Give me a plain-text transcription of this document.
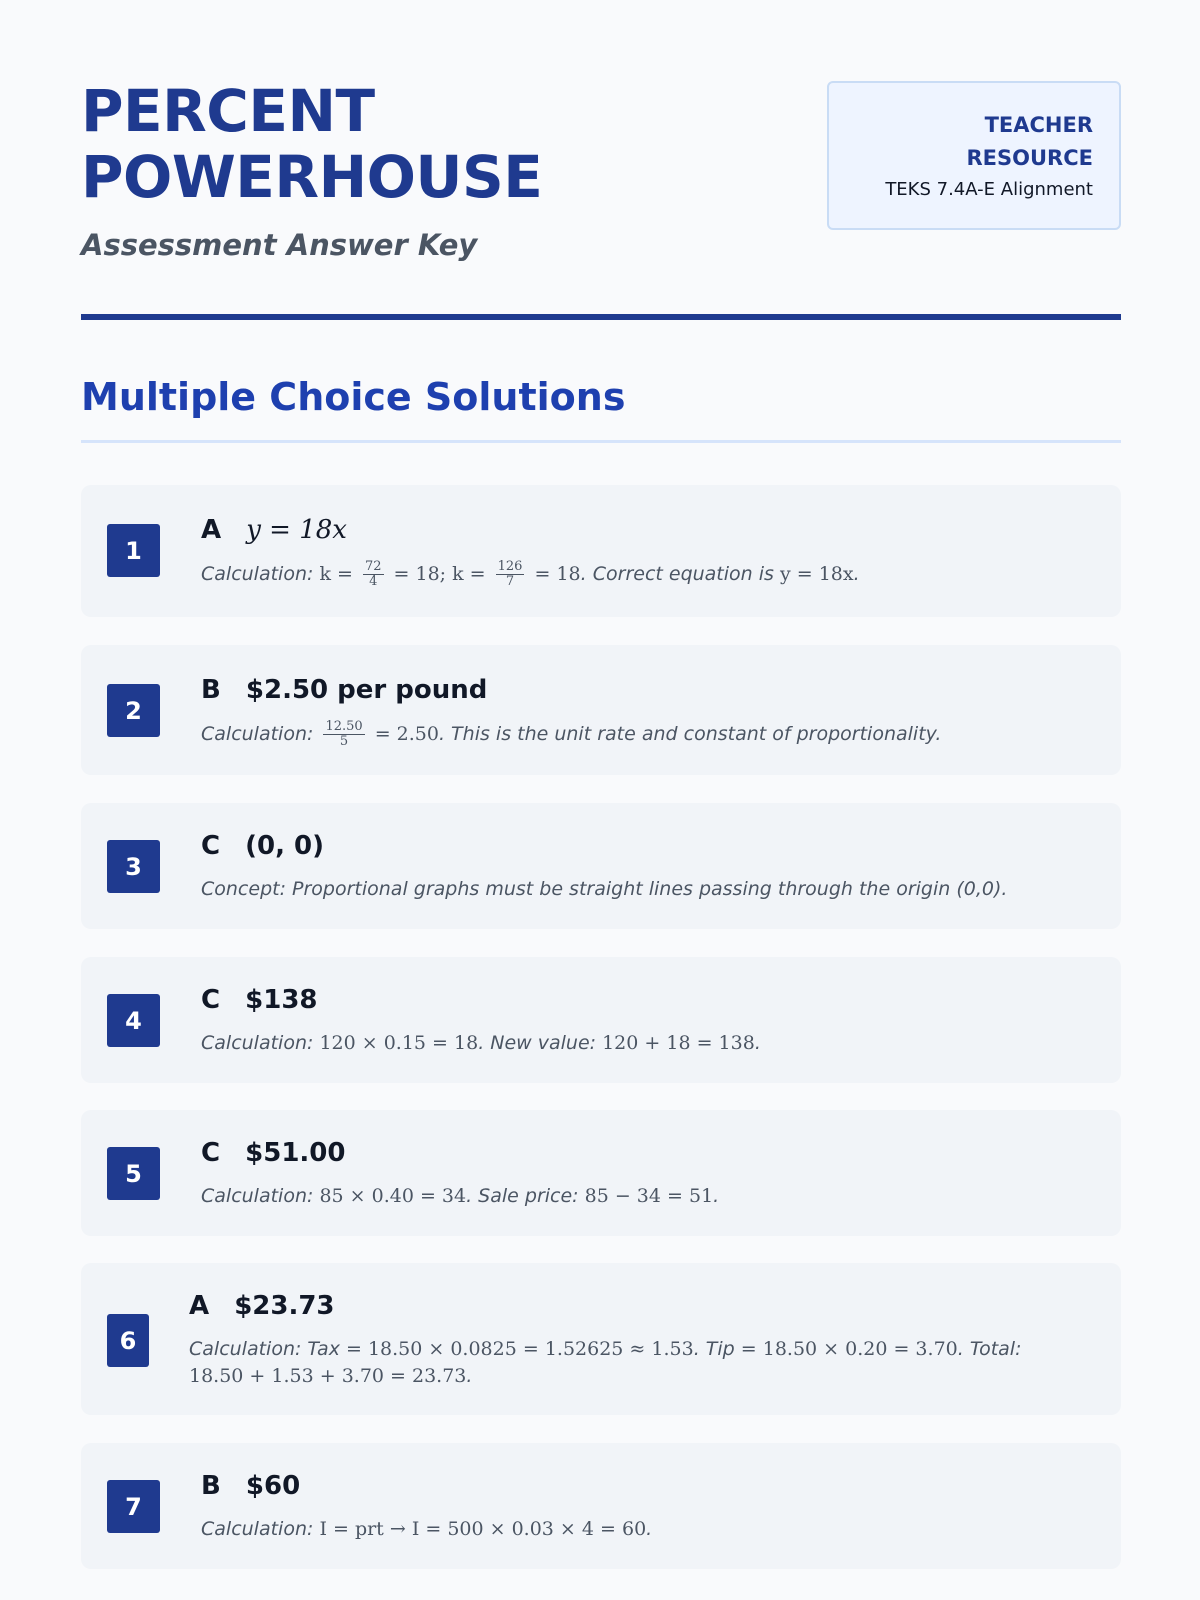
PERCENT
POWERHOUSE
Assessment Answer Key
TEACHER
RESOURCE
TEKS 7.4A-E Alignment
Multiple Choice Solutions
1
A y = 18x
Calculation: $k = \frac{72}{4} = 18$; $k = \frac{126}{7} = 18$. Correct equation is y = 18x.
2
B $2.50 per pound
Calculation: $\frac{12.50}{5} = 2.50$. This is the unit rate and constant of proportionality.
3
C (0, 0)
Concept: Proportional graphs must be straight lines passing through the origin (0,0).
4
C $138
Calculation: 120 × 0.15 = 18. New value: 120 + 18 = 138.
5
C $51.00
Calculation: 85 × 0.40 = 34. Sale price: 85 − 34 = 51.
6
A $23.73
Calculation: Tax = 18.50 × 0.0825 = 1.52625 ≈ 1.53. Tip = 18.50 × 0.20 = 3.70. Total: 18.50 + 1.53 + 3.70 = 23.73.
7
B $60
Calculation: I = prt → I = 500 × 0.03 × 4 = 60.
